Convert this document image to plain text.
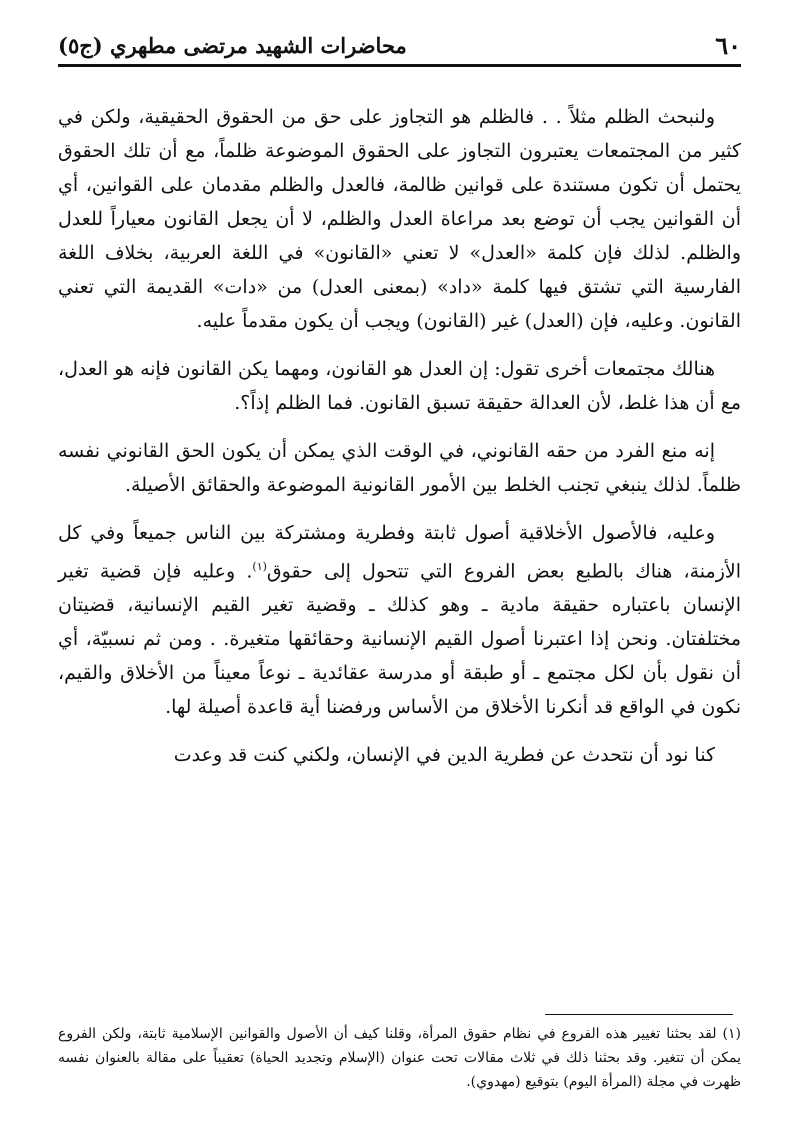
٦٠
محاضرات الشهيد مرتضى مطهري (ج٥)

ولنبحث الظلم مثلاً . . فالظلم هو التجاوز على حق من الحقوق الحقيقية، ولكن في كثير من المجتمعات يعتبرون التجاوز على الحقوق الموضوعة ظلماً، مع أن تلك الحقوق يحتمل أن تكون مستندة على قوانين ظالمة، فالعدل والظلم مقدمان على القوانين، أي أن القوانين يجب أن توضع بعد مراعاة العدل والظلم، لا أن يجعل القانون معياراً للعدل والظلم. لذلك فإن كلمة «العدل» لا تعني «القانون» في اللغة العربية، بخلاف اللغة الفارسية التي تشتق فيها كلمة «داد» (بمعنى العدل) من «دات» القديمة التي تعني القانون. وعليه، فإن (العدل) غير (القانون) ويجب أن يكون مقدماً عليه.

هنالك مجتمعات أخرى تقول: إن العدل هو القانون، ومهما يكن القانون فإنه هو العدل، مع أن هذا غلط، لأن العدالة حقيقة تسبق القانون. فما الظلم إذاً؟.

إنه منع الفرد من حقه القانوني، في الوقت الذي يمكن أن يكون الحق القانوني نفسه ظلماً. لذلك ينبغي تجنب الخلط بين الأمور القانونية الموضوعة والحقائق الأصيلة.

وعليه، فالأصول الأخلاقية أصول ثابتة وفطرية ومشتركة بين الناس جميعاً وفي كل الأزمنة، هناك بالطبع بعض الفروع التي تتحول إلى حقوق$^{(١)}$. وعليه فإن قضية تغير الإنسان باعتباره حقيقة مادية ـ وهو كذلك ـ وقضية تغير القيم الإنسانية، قضيتان مختلفتان. ونحن إذا اعتبرنا أصول القيم الإنسانية وحقائقها متغيرة. . ومن ثم نسبيّة، أي أن نقول بأن لكل مجتمع ـ أو طبقة أو مدرسة عقائدية ـ نوعاً معيناً من الأخلاق والقيم، نكون في الواقع قد أنكرنا الأخلاق من الأساس ورفضنا أية قاعدة أصيلة لها.

كنا نود أن نتحدث عن فطرية الدين في الإنسان، ولكني كنت قد وعدت

(١)لقد بحثنا تغيير هذه الفروع في نظام حقوق المرأة، وقلنا كيف أن الأصول والقوانين الإسلامية ثابتة، ولكن الفروع يمكن أن تتغير. وقد بحثنا ذلك في ثلاث مقالات تحت عنوان (الإسلام وتجديد الحياة) تعقيباً على مقالة بالعنوان نفسه ظهرت في مجلة (المرأة اليوم) بتوقيع (مهدوي).
